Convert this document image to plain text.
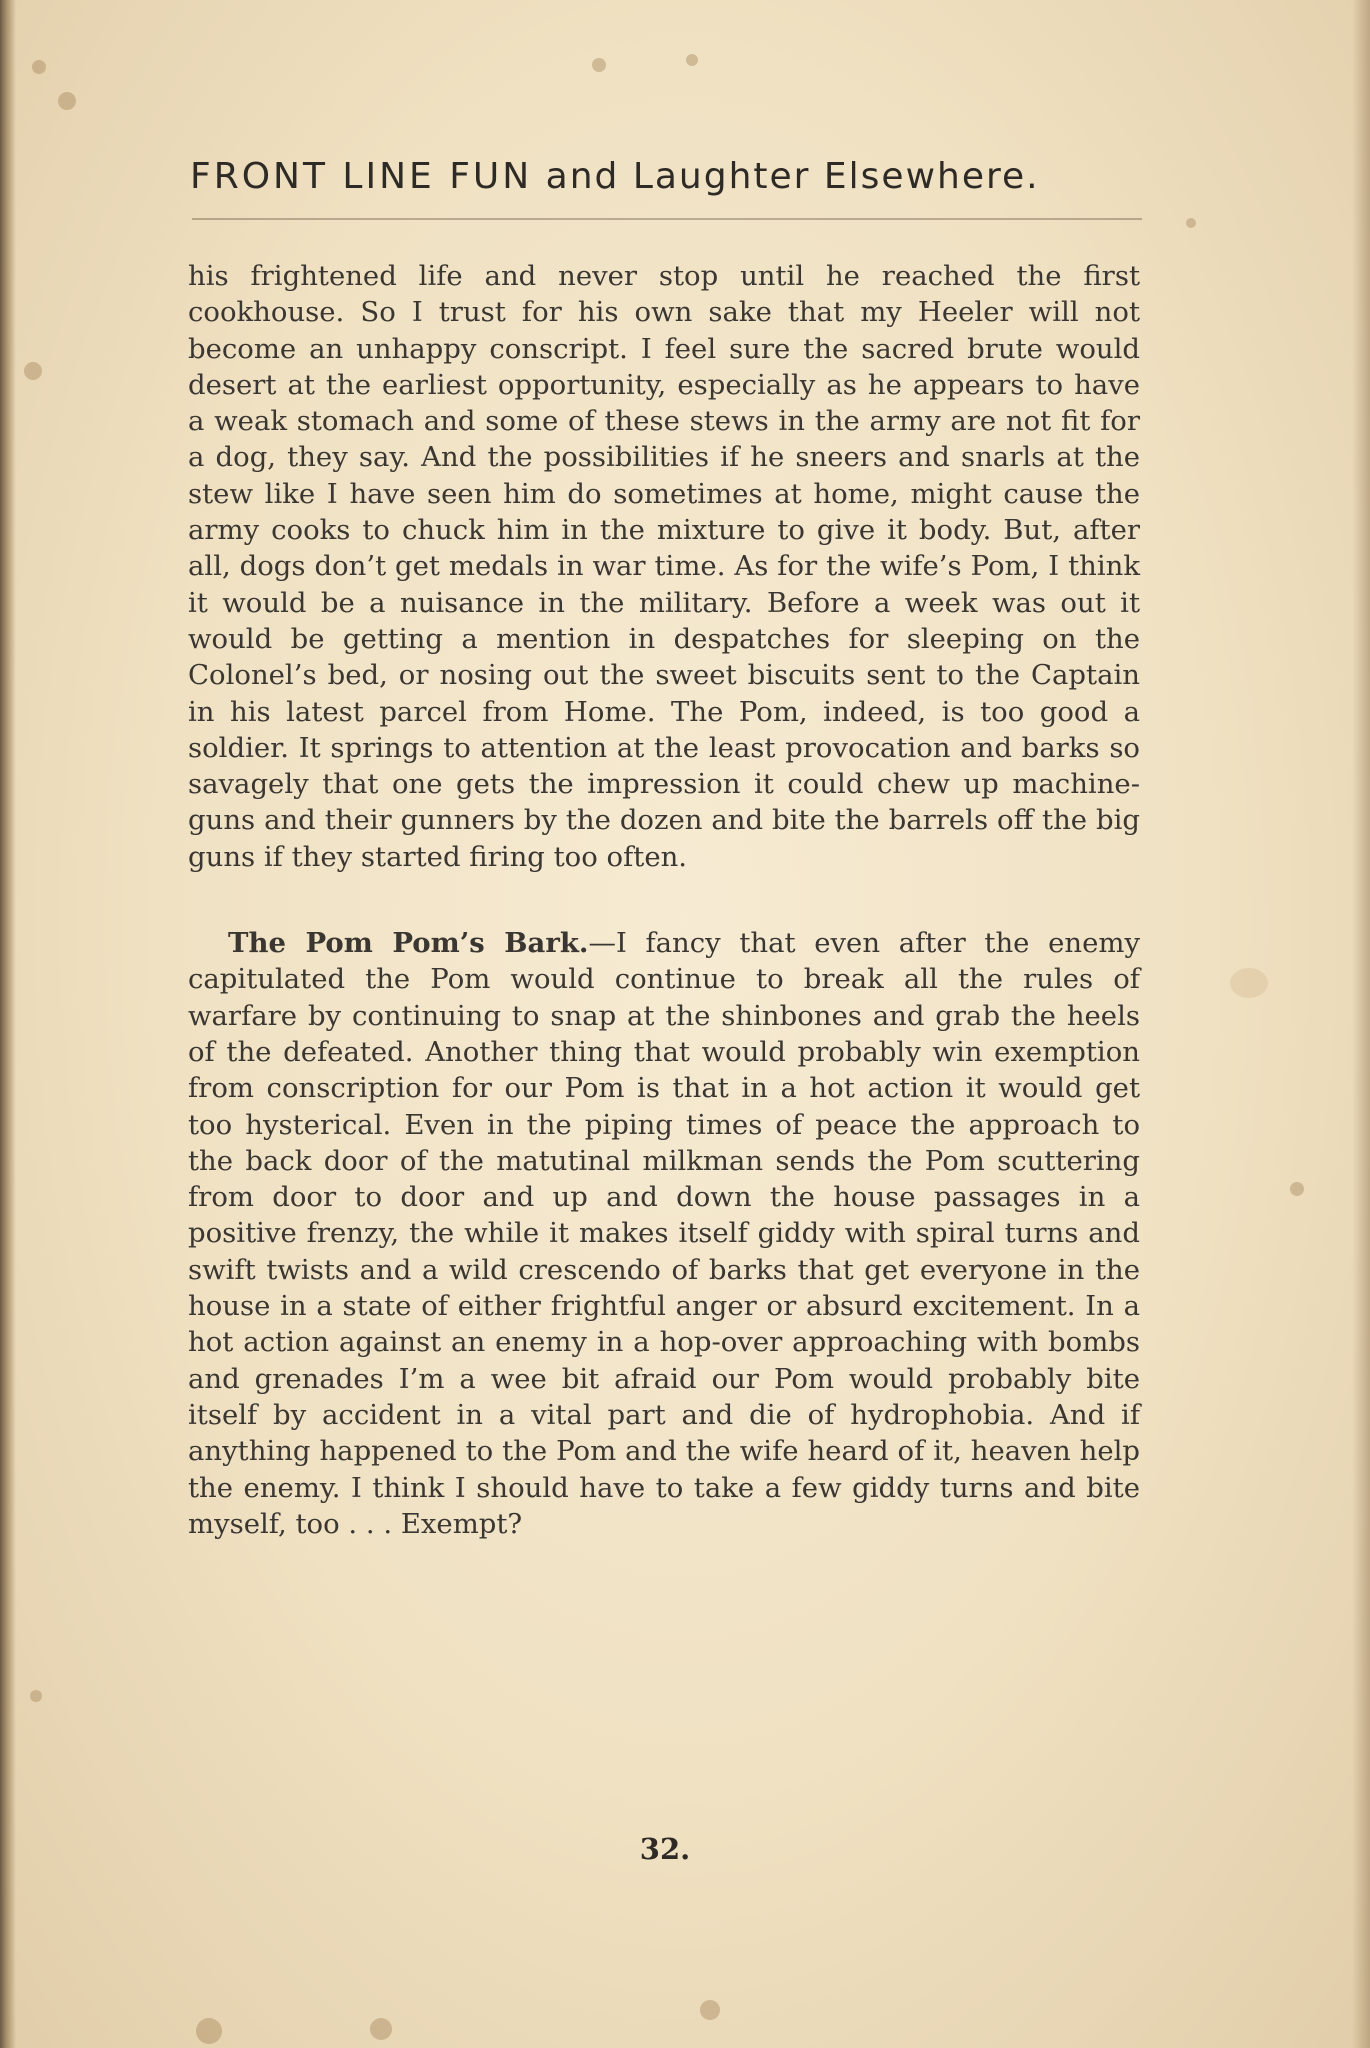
FRONT LINE FUN and Laughter Elsewhere.

his frightened life and never stop until he reached the first cookhouse. So I trust for his own sake that my Heeler will not become an unhappy conscript. I feel sure the sacred brute would desert at the earliest opportunity, especially as he appears to have a weak stomach and some of these stews in the army are not fit for a dog, they say. And the possibilities if he sneers and snarls at the stew like I have seen him do sometimes at home, might cause the army cooks to chuck him in the mixture to give it body. But, after all, dogs don’t get medals in war time. As for the wife’s Pom, I think it would be a nuisance in the military. Before a week was out it would be getting a mention in despatches for sleeping on the Colonel’s bed, or nosing out the sweet biscuits sent to the Captain in his latest parcel from Home. The Pom, indeed, is too good a soldier. It springs to attention at the least provocation and barks so savagely that one gets the impression it could chew up machineguns and their gunners by the dozen and bite the barrels off the big guns if they started firing too often.

The Pom Pom’s Bark.—I fancy that even after the enemy capitulated the Pom would continue to break all the rules of warfare by continuing to snap at the shinbones and grab the heels of the defeated. Another thing that would probably win exemption from conscription for our Pom is that in a hot action it would get too hysterical. Even in the piping times of peace the approach to the back door of the matutinal milkman sends the Pom scuttering from door to door and up and down the house passages in a positive frenzy, the while it makes itself giddy with spiral turns and swift twists and a wild crescendo of barks that get everyone in the house in a state of either frightful anger or absurd excitement. In a hot action against an enemy in a hop-over approaching with bombs and grenades I’m a wee bit afraid our Pom would probably bite itself by accident in a vital part and die of hydrophobia. And if anything happened to the Pom and the wife heard of it, heaven help the enemy. I think I should have to take a few giddy turns and bite myself, too . . . Exempt?

32.
